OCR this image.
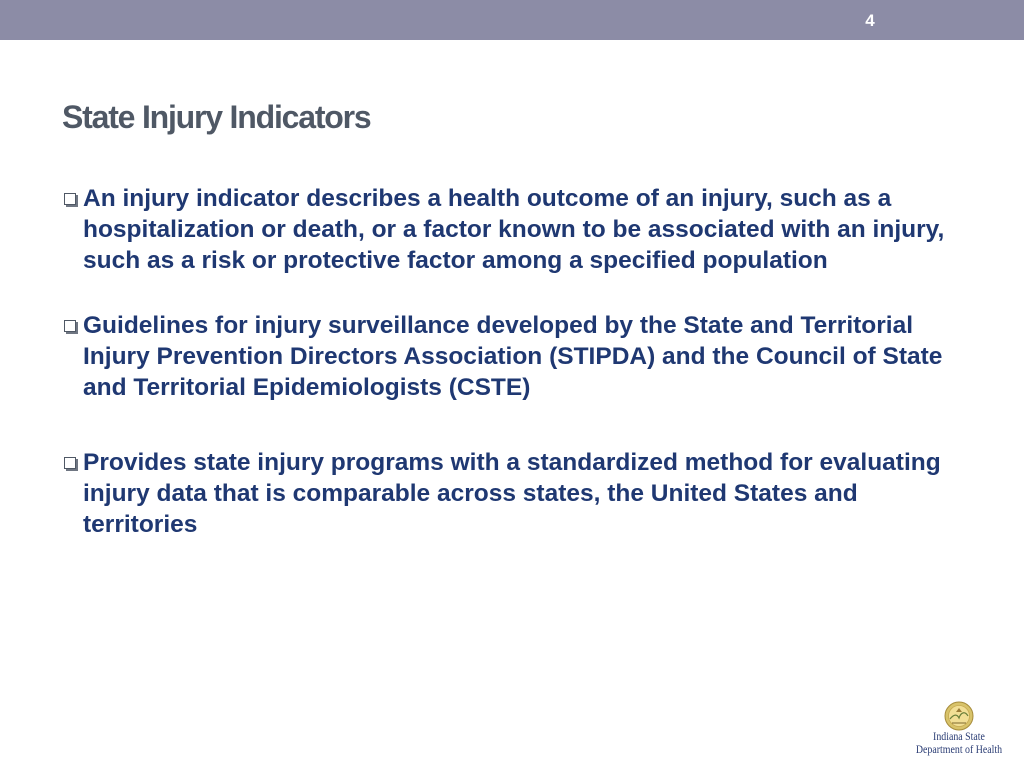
4
State Injury Indicators
An injury indicator describes a health outcome of an injury, such as a hospitalization or death, or a factor known to be associated with an injury, such as a risk or protective factor among a specified population
Guidelines for injury surveillance developed by the State and Territorial Injury Prevention Directors Association (STIPDA) and the Council of State and Territorial Epidemiologists (CSTE)
Provides state injury programs with a standardized method for evaluating injury data that is comparable across states, the United States and territories
Indiana State
Department of Health
